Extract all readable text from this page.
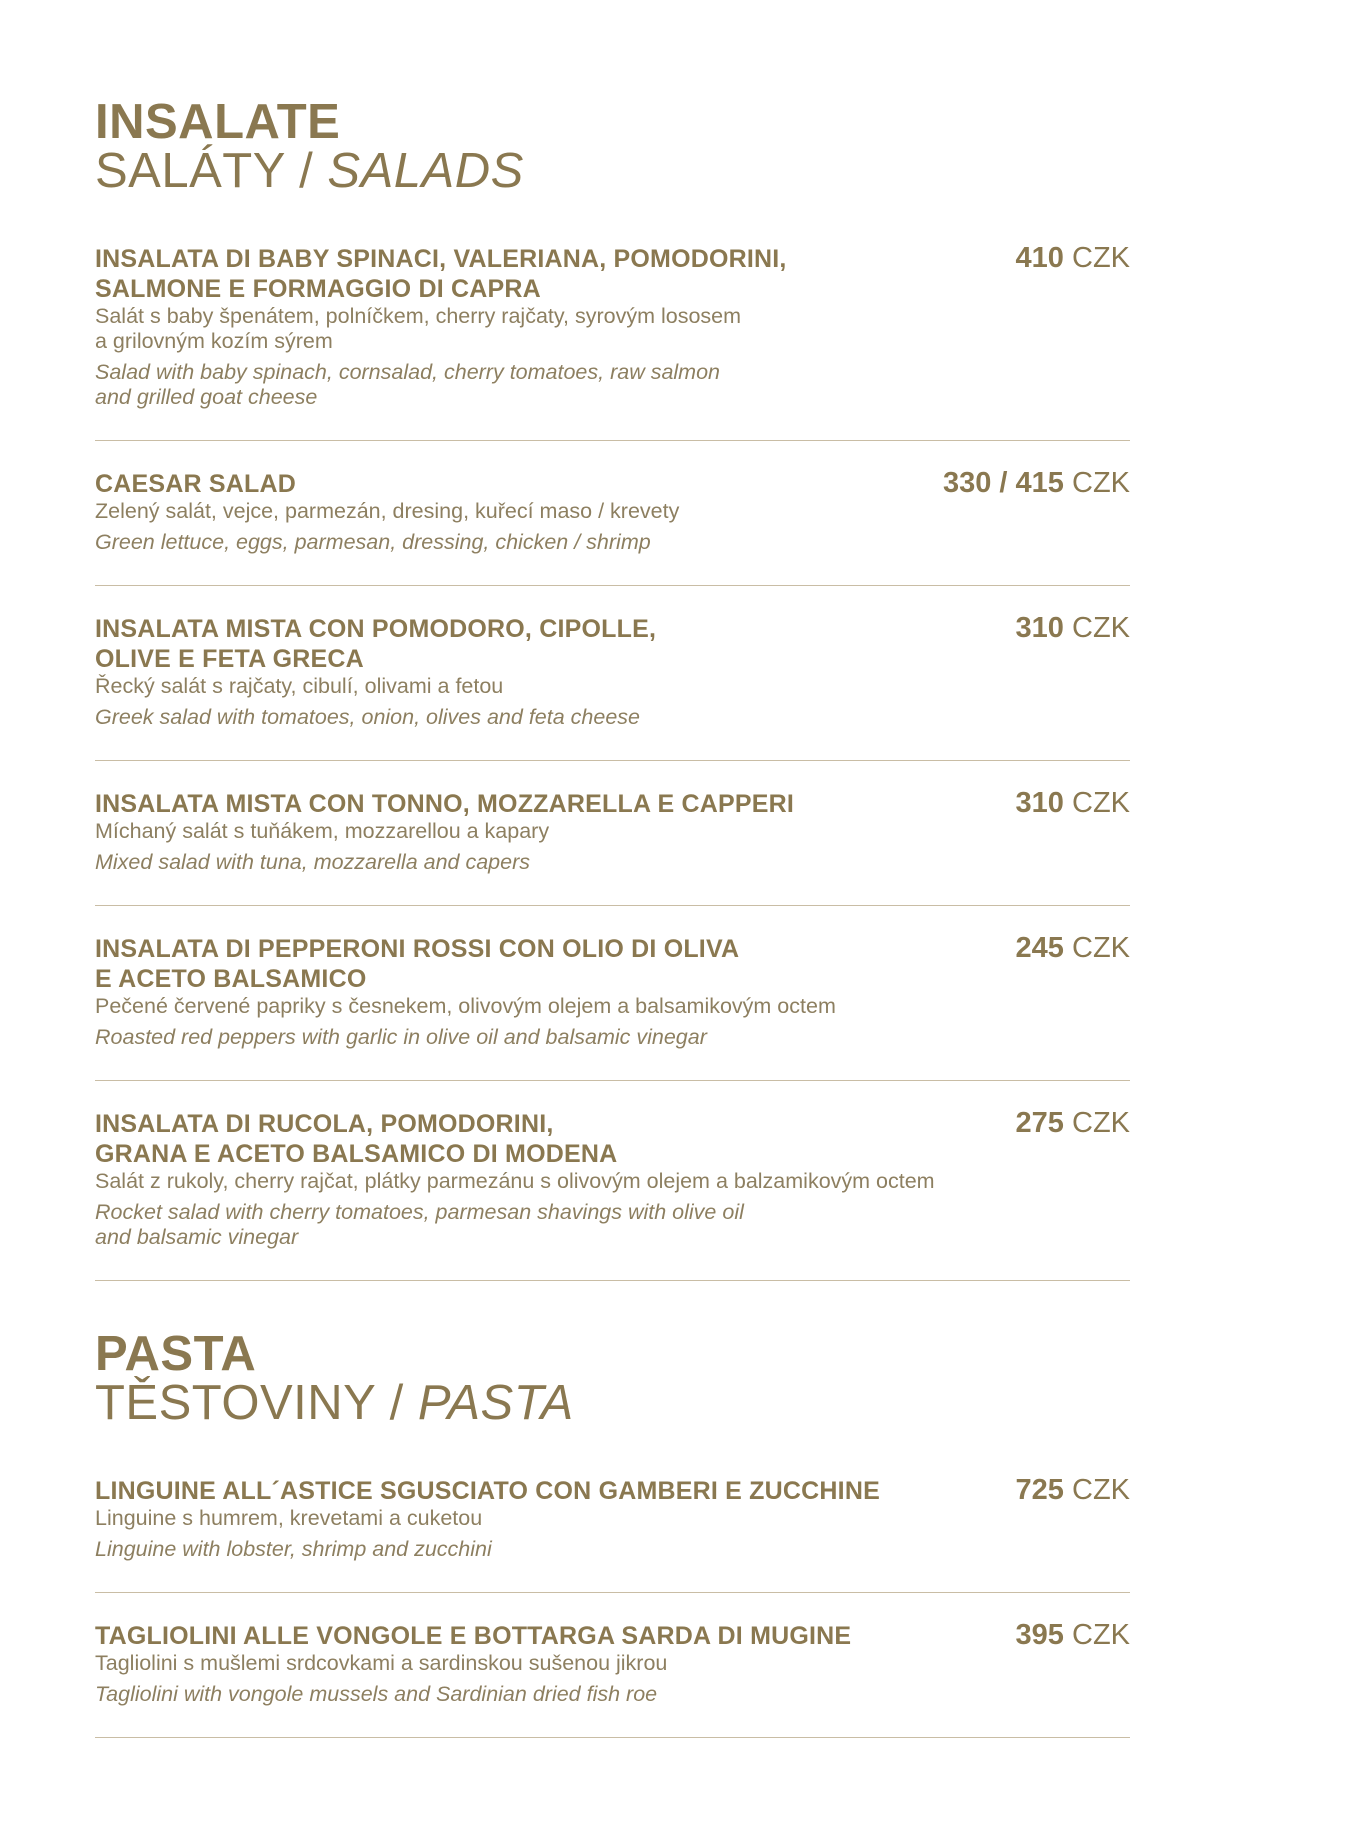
INSALATE
SALÁTY / SALADS
INSALATA DI BABY SPINACI, VALERIANA, POMODORINI,
SALMONE E FORMAGGIO DI CAPRA
Salát s baby špenátem, polníčkem, cherry rajčaty, syrovým lososem
a grilovným kozím sýrem
Salad with baby spinach, cornsalad, cherry tomatoes, raw salmon
and grilled goat cheese
410 CZK
CAESAR SALAD
Zelený salát, vejce, parmezán, dresing, kuřecí maso / krevety
Green lettuce, eggs, parmesan, dressing, chicken / shrimp
330 / 415 CZK
INSALATA MISTA CON POMODORO, CIPOLLE,
OLIVE E FETA GRECA
Řecký salát s rajčaty, cibulí, olivami a fetou
Greek salad with tomatoes, onion, olives and feta cheese
310 CZK
INSALATA MISTA CON TONNO, MOZZARELLA E CAPPERI
Míchaný salát s tuňákem, mozzarellou a kapary
Mixed salad with tuna, mozzarella and capers
310 CZK
INSALATA DI PEPPERONI ROSSI CON OLIO DI OLIVA
E ACETO BALSAMICO
Pečené červené papriky s česnekem, olivovým olejem a balsamikovým octem
Roasted red peppers with garlic in olive oil and balsamic vinegar
245 CZK
INSALATA DI RUCOLA, POMODORINI,
GRANA E ACETO BALSAMICO DI MODENA
Salát z rukoly, cherry rajčat, plátky parmezánu s olivovým olejem a balzamikovým octem
Rocket salad with cherry tomatoes, parmesan shavings with olive oil
and balsamic vinegar
275 CZK
PASTA
TĚSTOVINY / PASTA
LINGUINE ALL´ASTICE SGUSCIATO CON GAMBERI E ZUCCHINE
Linguine s humrem, krevetami a cuketou
Linguine with lobster, shrimp and zucchini
725 CZK
TAGLIOLINI ALLE VONGOLE E BOTTARGA SARDA DI MUGINE
Tagliolini s mušlemi srdcovkami a sardinskou sušenou jikrou
Tagliolini with vongole mussels and Sardinian dried fish roe
395 CZK
